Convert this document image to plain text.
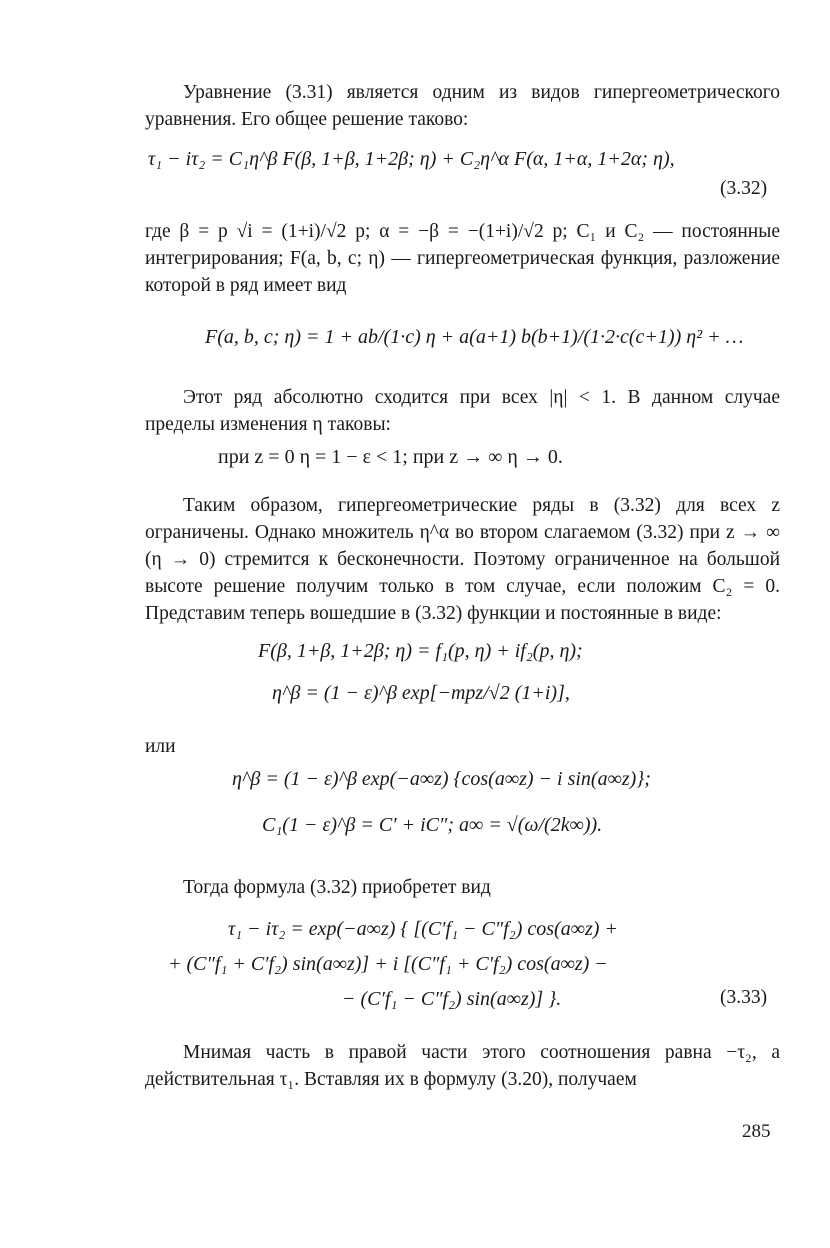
Уравнение (3.31) является одним из видов гипергеометрического уравнения. Его общее решение таково:

τ₁ − iτ₂ = C₁η^β F(β, 1+β, 1+2β; η) + C₂η^α F(α, 1+α, 1+2α; η),
(3.32)

где β = p √i = (1+i)/√2 p; α = −β = −(1+i)/√2 p; C₁ и C₂ — постоянные интегрирования; F(a, b, c; η) — гипергеометрическая функция, разложение которой в ряд имеет вид

F(a, b, c; η) = 1 + ab/(1·c) η + a(a+1) b(b+1)/(1·2·c(c+1)) η² + …

Этот ряд абсолютно сходится при всех |η| < 1. В данном случае пределы изменения η таковы:

при z = 0 η = 1 − ε < 1; при z → ∞ η → 0.

Таким образом, гипергеометрические ряды в (3.32) для всех z ограничены. Однако множитель η^α во втором слагаемом (3.32) при z → ∞ (η → 0) стремится к бесконечности. Поэтому ограниченное на большой высоте решение получим только в том случае, если положим C₂ = 0. Представим теперь вошедшие в (3.32) функции и постоянные в виде:

F(β, 1+β, 1+2β; η) = f₁(p, η) + if₂(p, η);
η^β = (1 − ε)^β exp[−mpz/√2 (1+i)],

или

η^β = (1 − ε)^β exp(−a∞z) {cos(a∞z) − i sin(a∞z)};
C₁(1 − ε)^β = C′ + iC″; a∞ = √(ω/(2k∞)).

Тогда формула (3.32) приобретет вид

τ₁ − iτ₂ = exp(−a∞z) { [(C′f₁ − C″f₂) cos(a∞z) +
+ (C″f₁ + C′f₂) sin(a∞z)] + i [(C″f₁ + C′f₂) cos(a∞z) −
− (C′f₁ − C″f₂) sin(a∞z)] }.	(3.33)

Мнимая часть в правой части этого соотношения равна −τ₂, а действительная τ₁. Вставляя их в формулу (3.20), получаем

285
